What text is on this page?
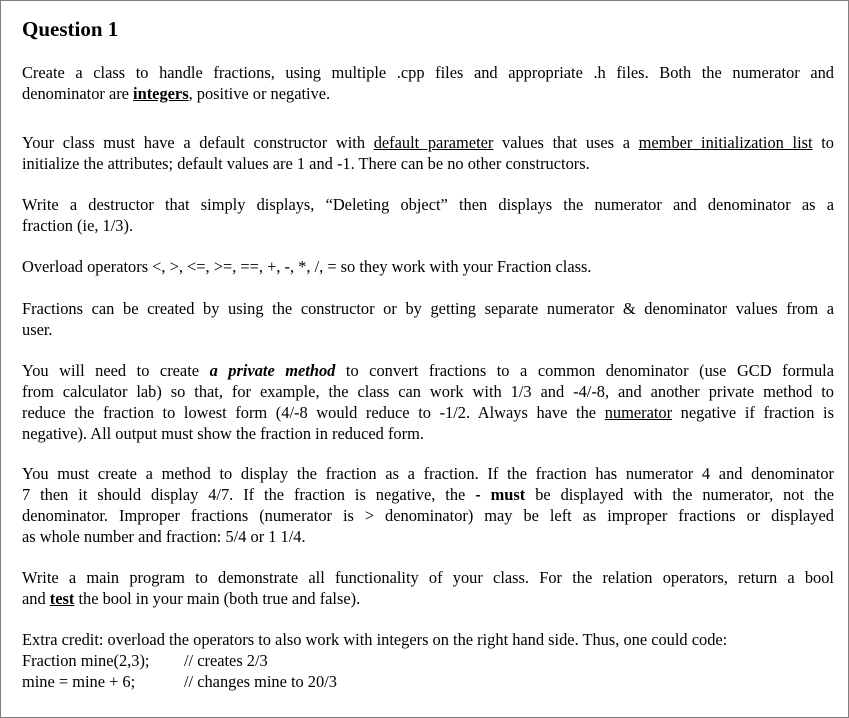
Question 1
Create a class to handle fractions, using multiple .cpp files and appropriate .h files. Both the numerator and
denominator are integers, positive or negative.
Your class must have a default constructor with default parameter values that uses a member initialization list to
initialize the attributes; default values are 1 and -1. There can be no other constructors.
Write a destructor that simply displays, “Deleting object” then displays the numerator and denominator as a
fraction (ie, 1/3).
Overload operators <, >, <=, >=, ==, +, -, *, /, = so they work with your Fraction class.
Fractions can be created by using the constructor or by getting separate numerator & denominator values from a
user.
You will need to create a private method to convert fractions to a common denominator (use GCD formula
from calculator lab) so that, for example, the class can work with 1/3 and -4/-8, and another private method to
reduce the fraction to lowest form (4/-8 would reduce to -1/2. Always have the numerator negative if fraction is
negative). All output must show the fraction in reduced form.
You must create a method to display the fraction as a fraction. If the fraction has numerator 4 and denominator
7 then it should display 4/7. If the fraction is negative, the - must be displayed with the numerator, not the
denominator. Improper fractions (numerator is > denominator) may be left as improper fractions or displayed
as whole number and fraction: 5/4 or 1 1/4.
Write a main program to demonstrate all functionality of your class. For the relation operators, return a bool
and test the bool in your main (both true and false).
Extra credit: overload the operators to also work with integers on the right hand side. Thus, one could code:
Fraction mine(2,3); // creates 2/3
mine = mine + 6;	// changes mine to 20/3
